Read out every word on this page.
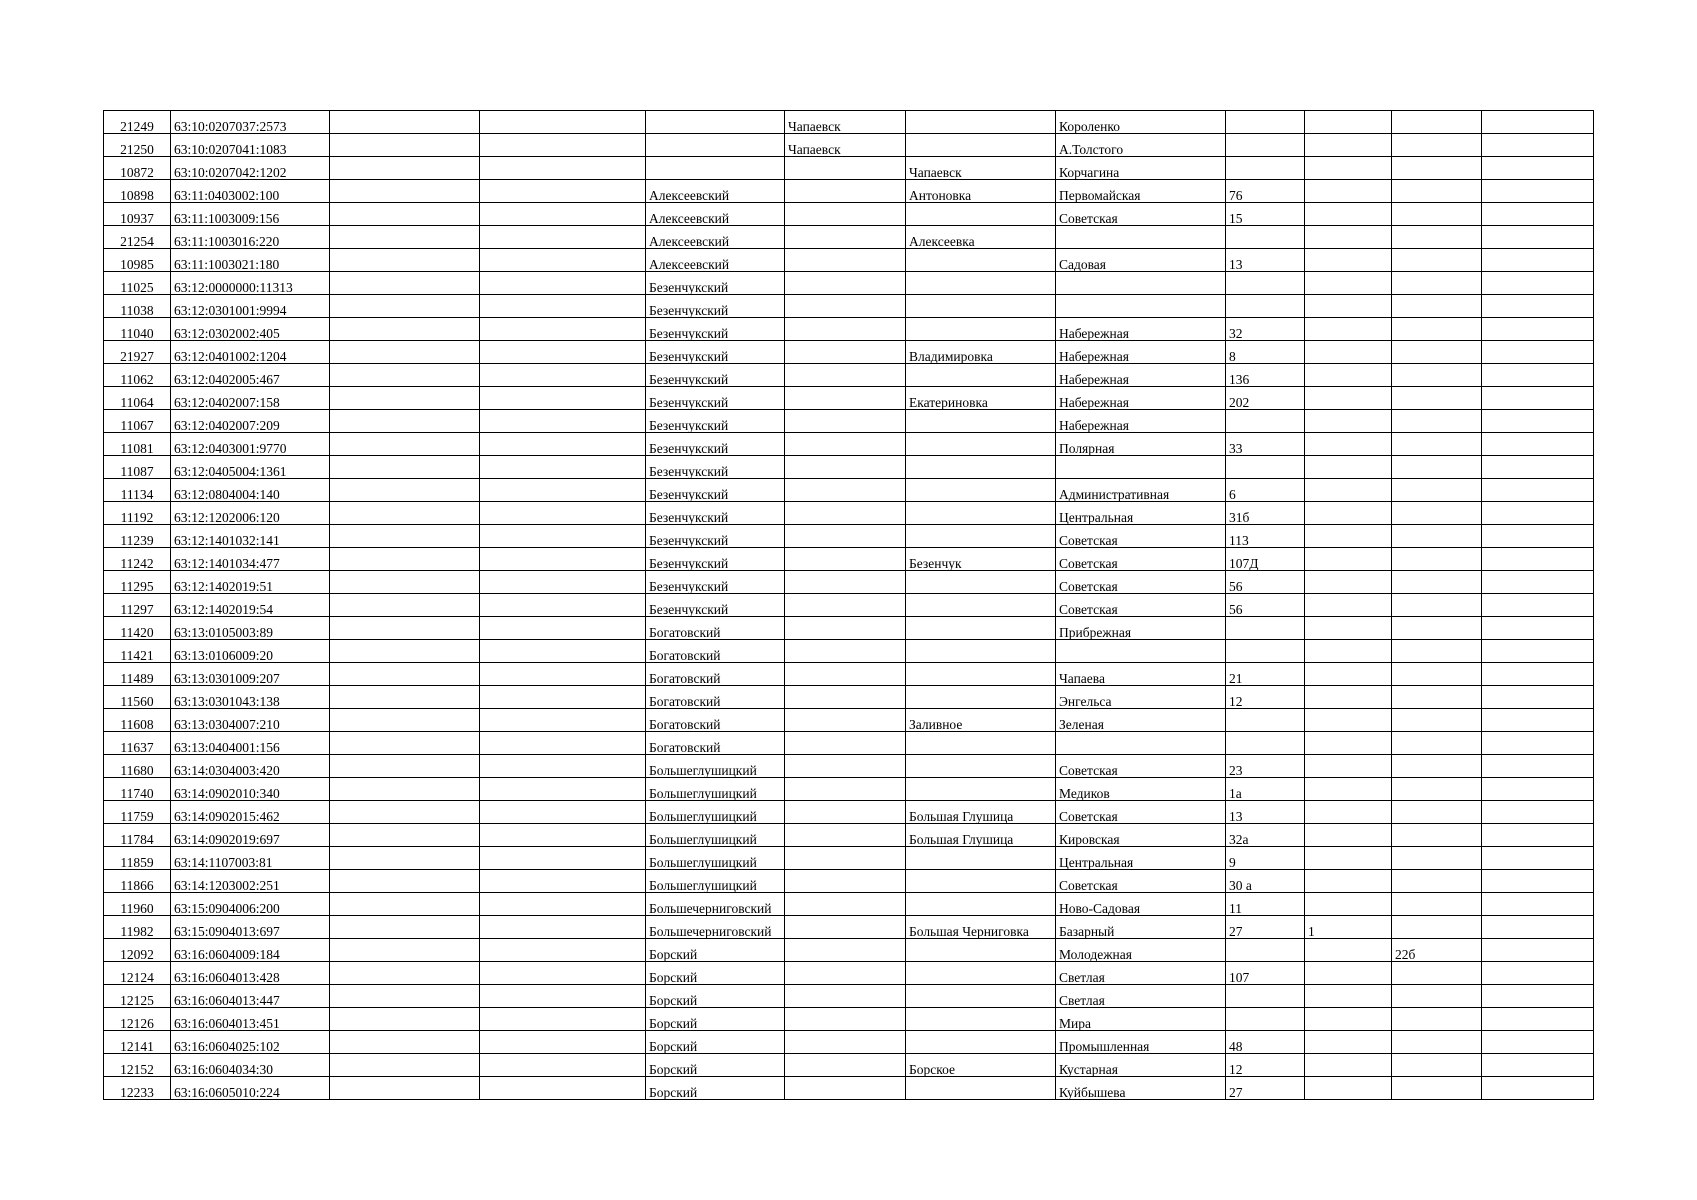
21249	63:10:0207037:2573				Чапаевск		Короленко				
21250	63:10:0207041:1083				Чапаевск		А.Толстого				
10872	63:10:0207042:1202					Чапаевск	Корчагина				
10898	63:11:0403002:100			Алексеевский		Антоновка	Первомайская	76			
10937	63:11:1003009:156			Алексеевский			Советская	15			
21254	63:11:1003016:220			Алексеевский		Алексеевка					
10985	63:11:1003021:180			Алексеевский			Садовая	13			
11025	63:12:0000000:11313			Безенчукский							
11038	63:12:0301001:9994			Безенчукский							
11040	63:12:0302002:405			Безенчукский			Набережная	32			
21927	63:12:0401002:1204			Безенчукский		Владимировка	Набережная	8			
11062	63:12:0402005:467			Безенчукский			Набережная	136			
11064	63:12:0402007:158			Безенчукский		Екатериновка	Набережная	202			
11067	63:12:0402007:209			Безенчукский			Набережная				
11081	63:12:0403001:9770			Безенчукский			Полярная	33			
11087	63:12:0405004:1361			Безенчукский							
11134	63:12:0804004:140			Безенчукский			Административная	6			
11192	63:12:1202006:120			Безенчукский			Центральная	31б			
11239	63:12:1401032:141			Безенчукский			Советская	113			
11242	63:12:1401034:477			Безенчукский		Безенчук	Советская	107Д			
11295	63:12:1402019:51			Безенчукский			Советская	56			
11297	63:12:1402019:54			Безенчукский			Советская	56			
11420	63:13:0105003:89			Богатовский			Прибрежная				
11421	63:13:0106009:20			Богатовский							
11489	63:13:0301009:207			Богатовский			Чапаева	21			
11560	63:13:0301043:138			Богатовский			Энгельса	12			
11608	63:13:0304007:210			Богатовский		Заливное	Зеленая				
11637	63:13:0404001:156			Богатовский							
11680	63:14:0304003:420			Большеглушицкий			Советская	23			
11740	63:14:0902010:340			Большеглушицкий			Медиков	1а			
11759	63:14:0902015:462			Большеглушицкий		Большая Глушица	Советская	13			
11784	63:14:0902019:697			Большеглушицкий		Большая Глушица	Кировская	32а			
11859	63:14:1107003:81			Большеглушицкий			Центральная	9			
11866	63:14:1203002:251			Большеглушицкий			Советская	30 а			
11960	63:15:0904006:200			Большечерниговский			Ново-Садовая	11			
11982	63:15:0904013:697			Большечерниговский		Большая Черниговка	Базарный	27	1		
12092	63:16:0604009:184			Борский			Молодежная			22б	
12124	63:16:0604013:428			Борский			Светлая	107			
12125	63:16:0604013:447			Борский			Светлая				
12126	63:16:0604013:451			Борский			Мира				
12141	63:16:0604025:102			Борский			Промышленная	48			
12152	63:16:0604034:30			Борский		Борское	Кустарная	12			
12233	63:16:0605010:224			Борский			Куйбышева	27			
